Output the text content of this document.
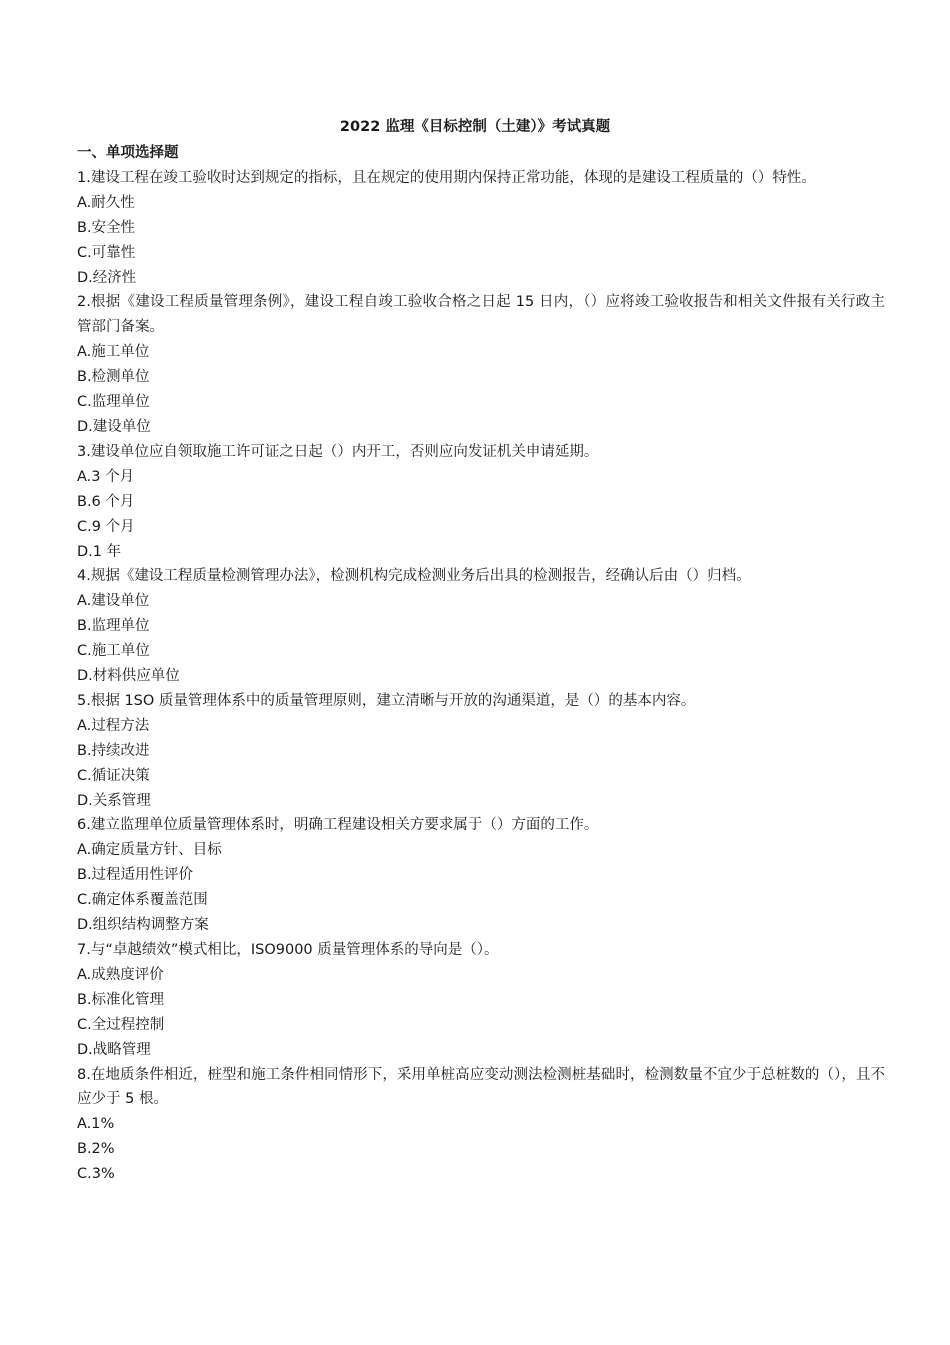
2022 监理《目标控制（土建）》考试真题
一、单项选择题
1.建设工程在竣工验收时达到规定的指标，且在规定的使用期内保持正常功能，体现的是建设工程质量的（）特性。
A.耐久性
B.安全性
C.可靠性
D.经济性
2.根据《建设工程质量管理条例》，建设工程自竣工验收合格之日起 15 日内，（）应将竣工验收报告和相关文件报有关行政主管部门备案。
A.施工单位
B.检测单位
C.监理单位
D.建设单位
3.建设单位应自领取施工许可证之日起（）内开工，否则应向发证机关申请延期。
A.3 个月
B.6 个月
C.9 个月
D.1 年
4.规据《建设工程质量检测管理办法》，检测机构完成检测业务后出具的检测报告，经确认后由（）归档。
A.建设单位
B.监理单位
C.施工单位
D.材料供应单位
5.根据 1SO 质量管理体系中的质量管理原则，建立清晰与开放的沟通渠道，是（）的基本内容。
A.过程方法
B.持续改进
C.循证决策
D.关系管理
6.建立监理单位质量管理体系时，明确工程建设相关方要求属于（）方面的工作。
A.确定质量方针、目标
B.过程适用性评价
C.确定体系覆盖范围
D.组织结构调整方案
7.与“卓越绩效”模式相比，ISO9000 质量管理体系的导向是（）。
A.成熟度评价
B.标准化管理
C.全过程控制
D.战略管理
8.在地质条件相近，桩型和施工条件相同情形下，采用单桩高应变动测法检测桩基础时，检测数量不宜少于总桩数的（），且不应少于 5 根。
A.1%
B.2%
C.3%
